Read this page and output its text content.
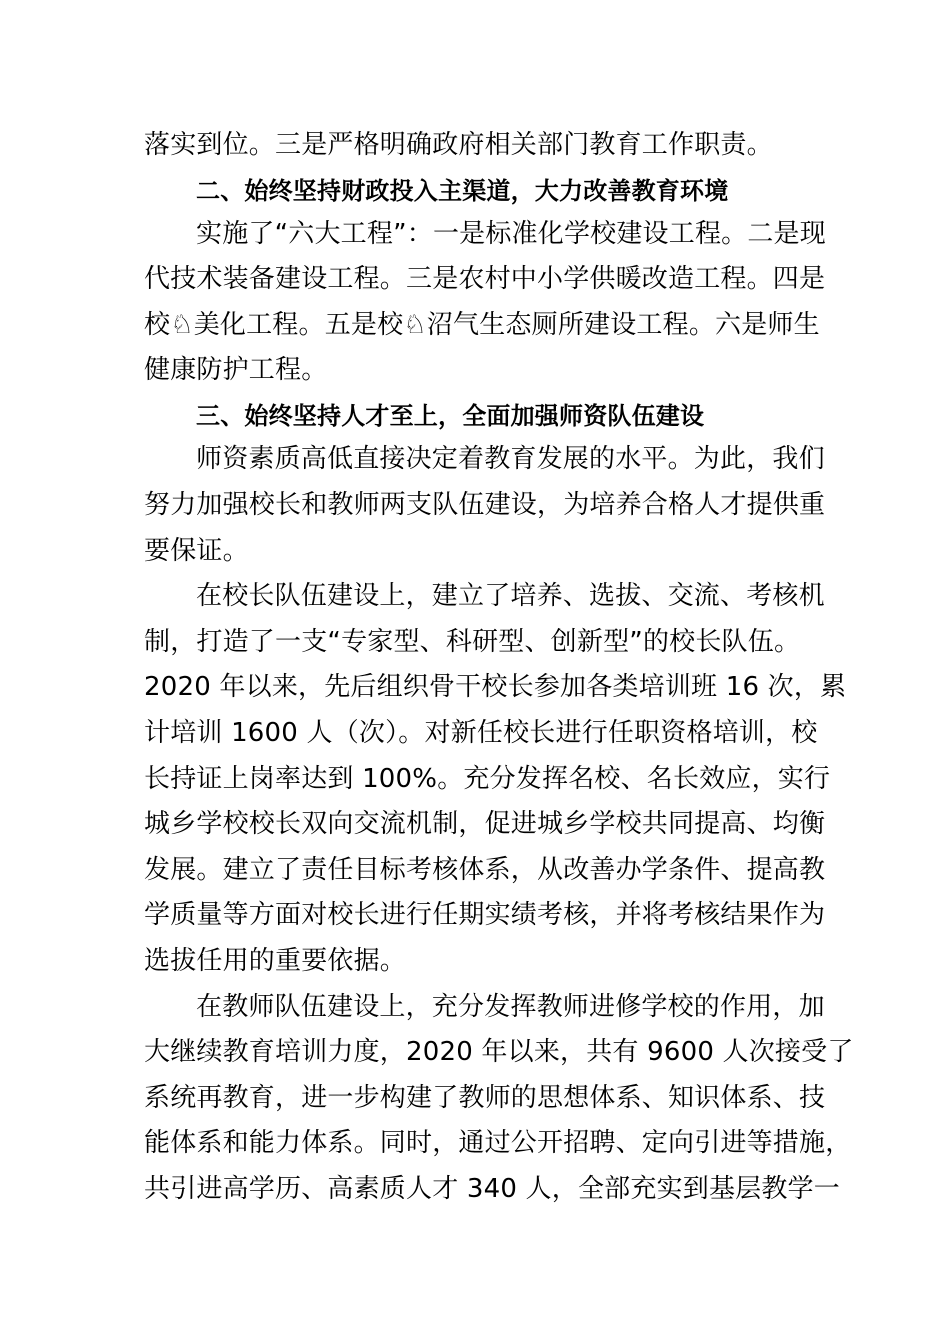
落实到位。三是严格明确政府相关部门教育工作职责。
二、始终坚持财政投入主渠道，大力改善教育环境
实施了“六大工程”：一是标准化学校建设工程。二是现
代技术装备建设工程。三是农村中小学供暖改造工程。四是
校♘美化工程。五是校♘沼气生态厕所建设工程。六是师生
健康防护工程。
三、始终坚持人才至上，全面加强师资队伍建设
师资素质高低直接决定着教育发展的水平。为此，我们
努力加强校长和教师两支队伍建设，为培养合格人才提供重
要保证。
在校长队伍建设上，建立了培养、选拔、交流、考核机
制，打造了一支“专家型、科研型、创新型”的校长队伍。
2020 年以来，先后组织骨干校长参加各类培训班 16 次，累
计培训 1600 人（次）。对新任校长进行任职资格培训，校
长持证上岗率达到 100%。充分发挥名校、名长效应，实行
城乡学校校长双向交流机制，促进城乡学校共同提高、均衡
发展。建立了责任目标考核体系，从改善办学条件、提高教
学质量等方面对校长进行任期实绩考核，并将考核结果作为
选拔任用的重要依据。
在教师队伍建设上，充分发挥教师进修学校的作用，加
大继续教育培训力度，2020 年以来，共有 9600 人次接受了
系统再教育，进一步构建了教师的思想体系、知识体系、技
能体系和能力体系。同时，通过公开招聘、定向引进等措施，
共引进高学历、高素质人才 340 人，全部充实到基层教学一
